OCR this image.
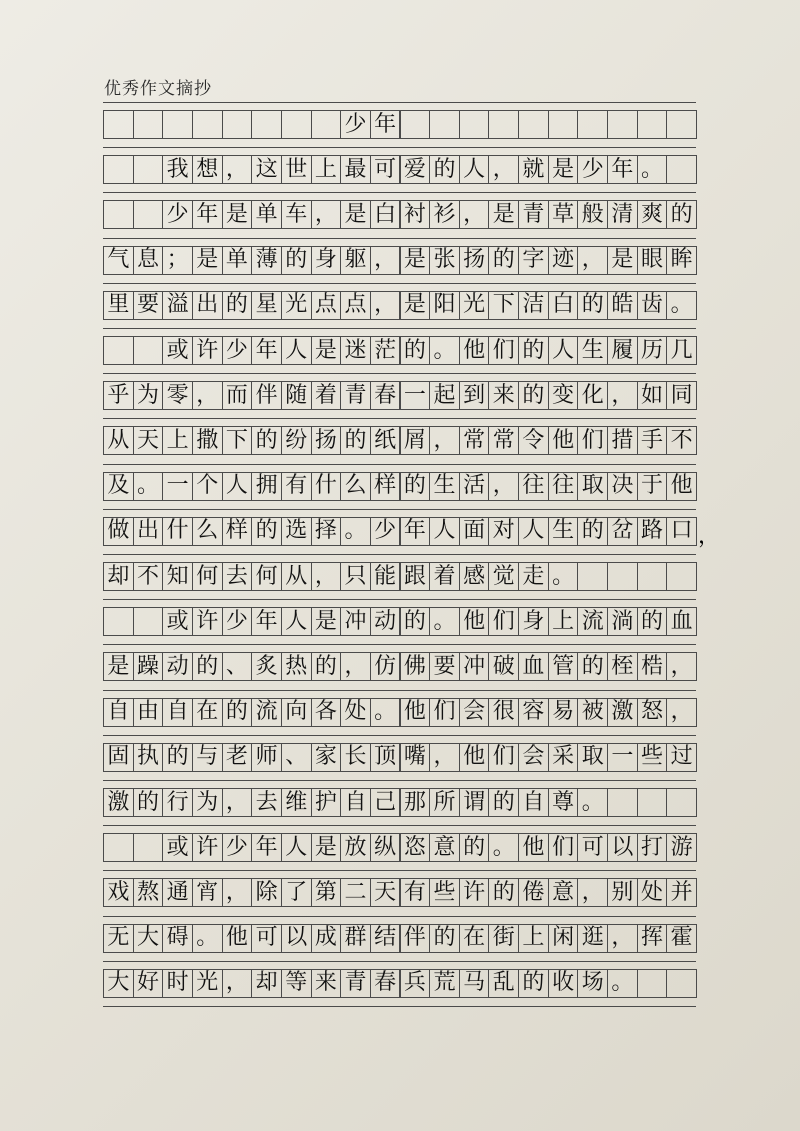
优秀作文摘抄
少 年
我 想 ， 这 世 上 最 可 爱 的 人 ， 就 是 少 年 。
少 年 是 单 车 ， 是 白 衬 衫 ， 是 青 草 般 清 爽 的
气 息 ； 是 单 薄 的 身 躯 ， 是 张 扬 的 字 迹 ， 是 眼 眸
里 要 溢 出 的 星 光 点 点 ， 是 阳 光 下 洁 白 的 皓 齿 。
或 许 少 年 人 是 迷 茫 的 。 他 们 的 人 生 履 历 几
乎 为 零 ， 而 伴 随 着 青 春 一 起 到 来 的 变 化 ， 如 同
从 天 上 撒 下 的 纷 扬 的 纸 屑 ， 常 常 令 他 们 措 手 不
及 。 一 个 人 拥 有 什 么 样 的 生 活 ， 往 往 取 决 于 他
做 出 什 么 样 的 选 择 。 少 年 人 面 对 人 生 的 岔 路 口 ，
却 不 知 何 去 何 从 ， 只 能 跟 着 感 觉 走 。
或 许 少 年 人 是 冲 动 的 。 他 们 身 上 流 淌 的 血
是 躁 动 的 、 炙 热 的 ， 仿 佛 要 冲 破 血 管 的 桎 梏 ，
自 由 自 在 的 流 向 各 处 。 他 们 会 很 容 易 被 激 怒 ，
固 执 的 与 老 师 、 家 长 顶 嘴 ， 他 们 会 采 取 一 些 过
激 的 行 为 ， 去 维 护 自 己 那 所 谓 的 自 尊 。
或 许 少 年 人 是 放 纵 恣 意 的 。 他 们 可 以 打 游
戏 熬 通 宵 ， 除 了 第 二 天 有 些 许 的 倦 意 ， 别 处 并
无 大 碍 。 他 可 以 成 群 结 伴 的 在 街 上 闲 逛 ， 挥 霍
大 好 时 光 ， 却 等 来 青 春 兵 荒 马 乱 的 收 场 。
